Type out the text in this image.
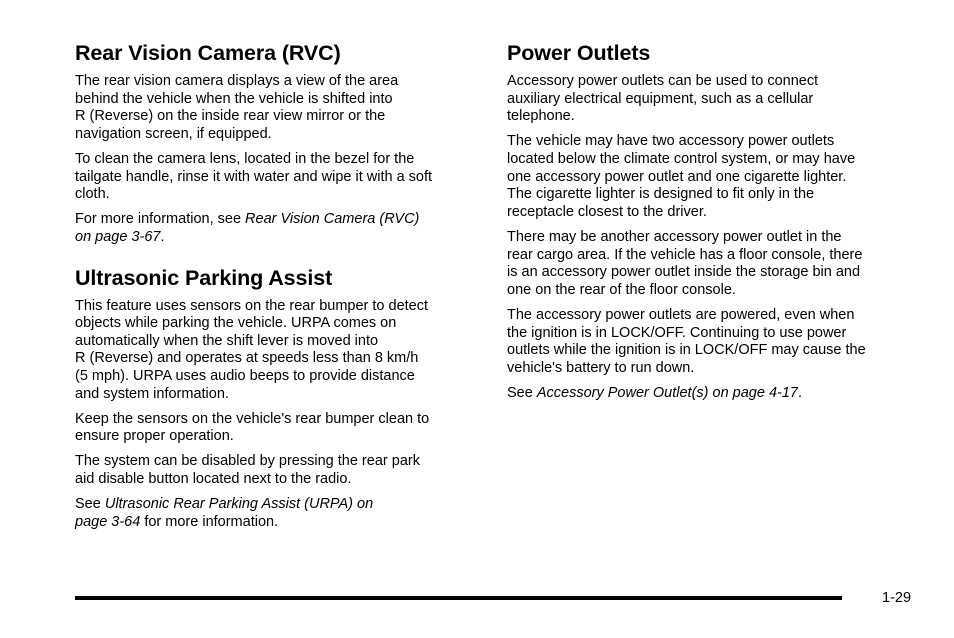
Rear Vision Camera (RVC)

The rear vision camera displays a view of the area
behind the vehicle when the vehicle is shifted into
R (Reverse) on the inside rear view mirror or the
navigation screen, if equipped.

To clean the camera lens, located in the bezel for the
tailgate handle, rinse it with water and wipe it with a soft
cloth.

For more information, see Rear Vision Camera (RVC)
on page 3-67.

Ultrasonic Parking Assist

This feature uses sensors on the rear bumper to detect
objects while parking the vehicle. URPA comes on
automatically when the shift lever is moved into
R (Reverse) and operates at speeds less than 8 km/h
(5 mph). URPA uses audio beeps to provide distance
and system information.

Keep the sensors on the vehicle's rear bumper clean to
ensure proper operation.

The system can be disabled by pressing the rear park
aid disable button located next to the radio.

See Ultrasonic Rear Parking Assist (URPA) on
page 3-64 for more information.

Power Outlets

Accessory power outlets can be used to connect
auxiliary electrical equipment, such as a cellular
telephone.

The vehicle may have two accessory power outlets
located below the climate control system, or may have
one accessory power outlet and one cigarette lighter.
The cigarette lighter is designed to fit only in the
receptacle closest to the driver.

There may be another accessory power outlet in the
rear cargo area. If the vehicle has a floor console, there
is an accessory power outlet inside the storage bin and
one on the rear of the floor console.

The accessory power outlets are powered, even when
the ignition is in LOCK/OFF. Continuing to use power
outlets while the ignition is in LOCK/OFF may cause the
vehicle's battery to run down.

See Accessory Power Outlet(s) on page 4-17.

1-29
